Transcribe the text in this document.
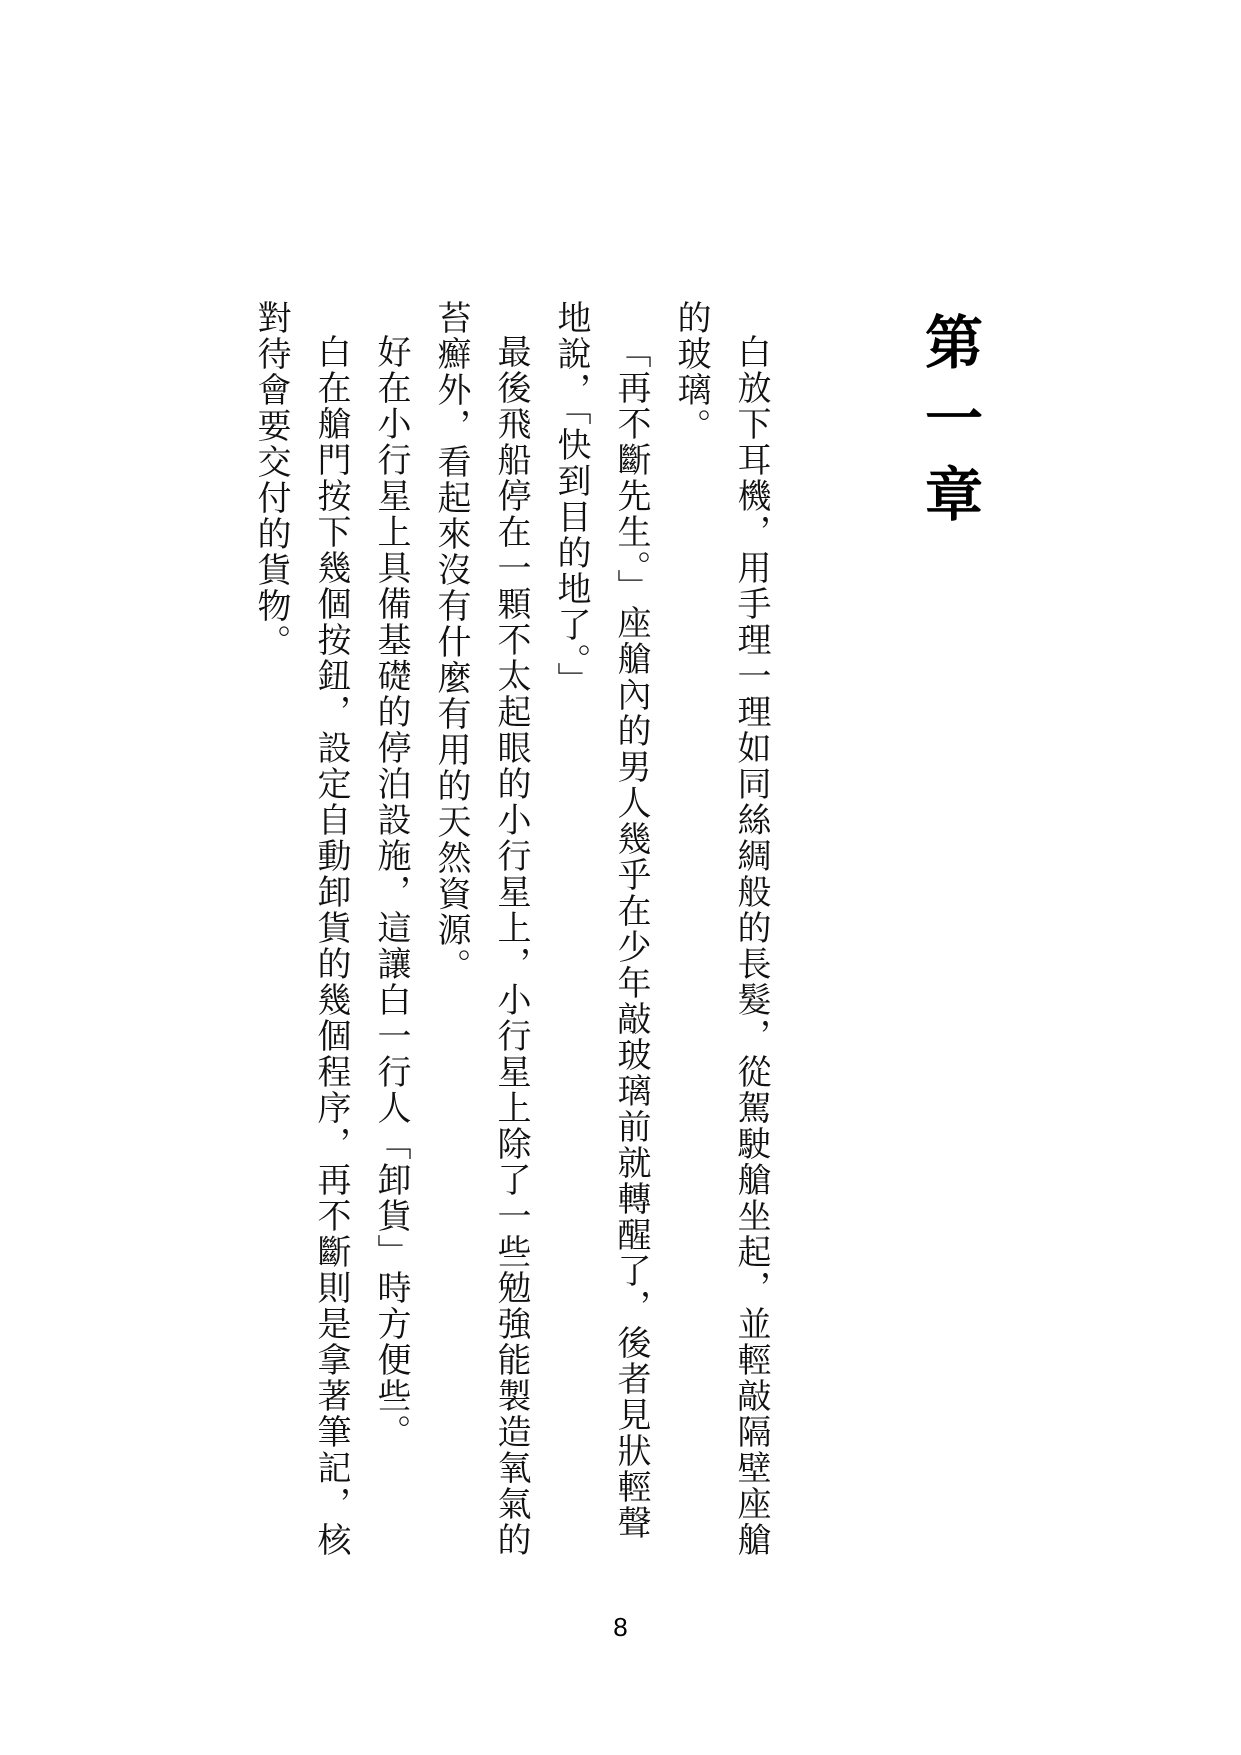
第一章

白放下耳機，用手理一理如同絲綢般的長髮，從駕駛艙坐起，並輕敲隔壁座艙的玻璃。

「再不斷先生。」座艙內的男人幾乎在少年敲玻璃前就轉醒了，後者見狀輕聲地說，「快到目的地了。」

最後飛船停在一顆不太起眼的小行星上，小行星上除了一些勉強能製造氧氣的苔癬外，看起來沒有什麼有用的天然資源。

好在小行星上具備基礎的停泊設施，這讓白一行人「卸貨」時方便些。

白在艙門按下幾個按鈕，設定自動卸貨的幾個程序，再不斷則是拿著筆記，核對待會要交付的貨物。

8
